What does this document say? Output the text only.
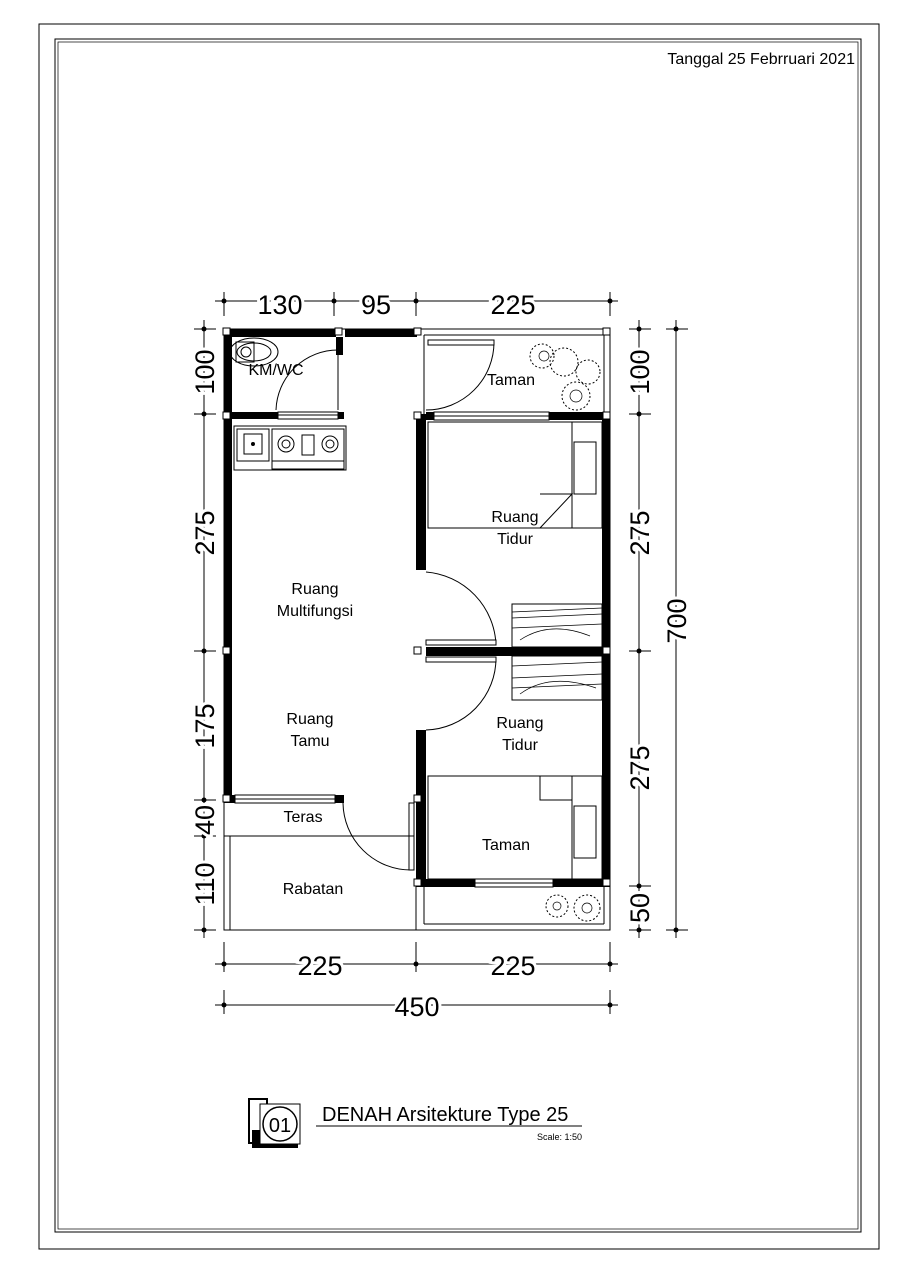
Tanggal 25 Febrruari 2021
130 95	225
100
275
175
40
110
100
275
275
50
700
225	225
450
KM/WC
Taman
Ruang
Tidur
Ruang
Multifungsi
Ruang
Tamu
Ruang
Tidur
Teras
Taman
Rabatan
01 DENAH Arsitekture Type 25
Scale: 1:50
